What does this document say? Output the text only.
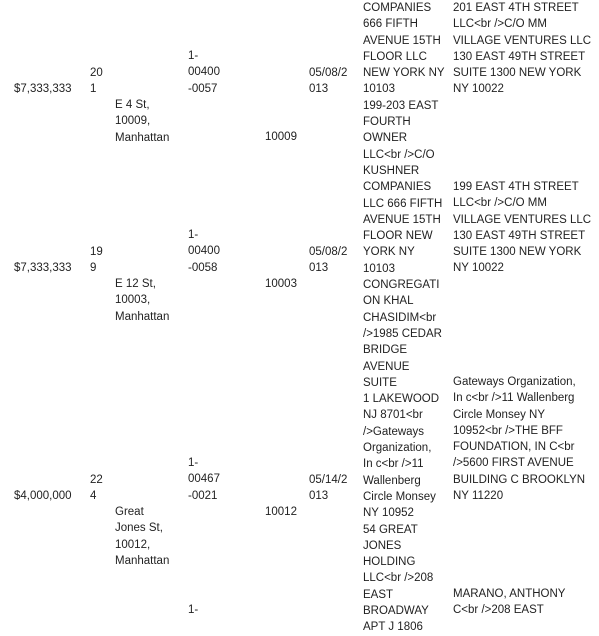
$7,333,333
20
1
E 4 St,
10009,
Manhattan
1-
00400
-0057
10009
05/08/2
013
$7,333,333
19
9
E 12 St,
10003,
Manhattan
1-
00400
-0058
10003
05/08/2
013
$4,000,000
22
4
Great
Jones St,
10012,
Manhattan
1-
00467
-0021
10012
05/14/2
013
1-
COMPANIES
666 FIFTH
AVENUE 15TH
FLOOR LLC
NEW YORK NY
10103
199-203 EAST
FOURTH
OWNER
LLC<br />C/O
KUSHNER
COMPANIES
LLC 666 FIFTH
AVENUE 15TH
FLOOR NEW
YORK NY
10103
CONGREGATI
ON KHAL
CHASIDIM<br
/>1985 CEDAR
BRIDGE
AVENUE SUITE
1 LAKEWOOD
NJ 8701<br
/>Gateways
Organization,
In c<br />11
Wallenberg
Circle Monsey
NY 10952
54 GREAT
JONES
HOLDING
LLC<br />208
EAST
BROADWAY
APT J 1806
201 EAST 4TH STREET
LLC<br />C/O MM
VILLAGE VENTURES LLC
130 EAST 49TH STREET
SUITE 1300 NEW YORK
NY 10022
199 EAST 4TH STREET
LLC<br />C/O MM
VILLAGE VENTURES LLC
130 EAST 49TH STREET
SUITE 1300 NEW YORK
NY 10022
Gateways Organization,
In c<br />11 Wallenberg
Circle Monsey NY
10952<br />THE BFF
FOUNDATION, IN C<br
/>5600 FIRST AVENUE
BUILDING C BROOKLYN
NY 11220
MARANO, ANTHONY
C<br />208 EAST
